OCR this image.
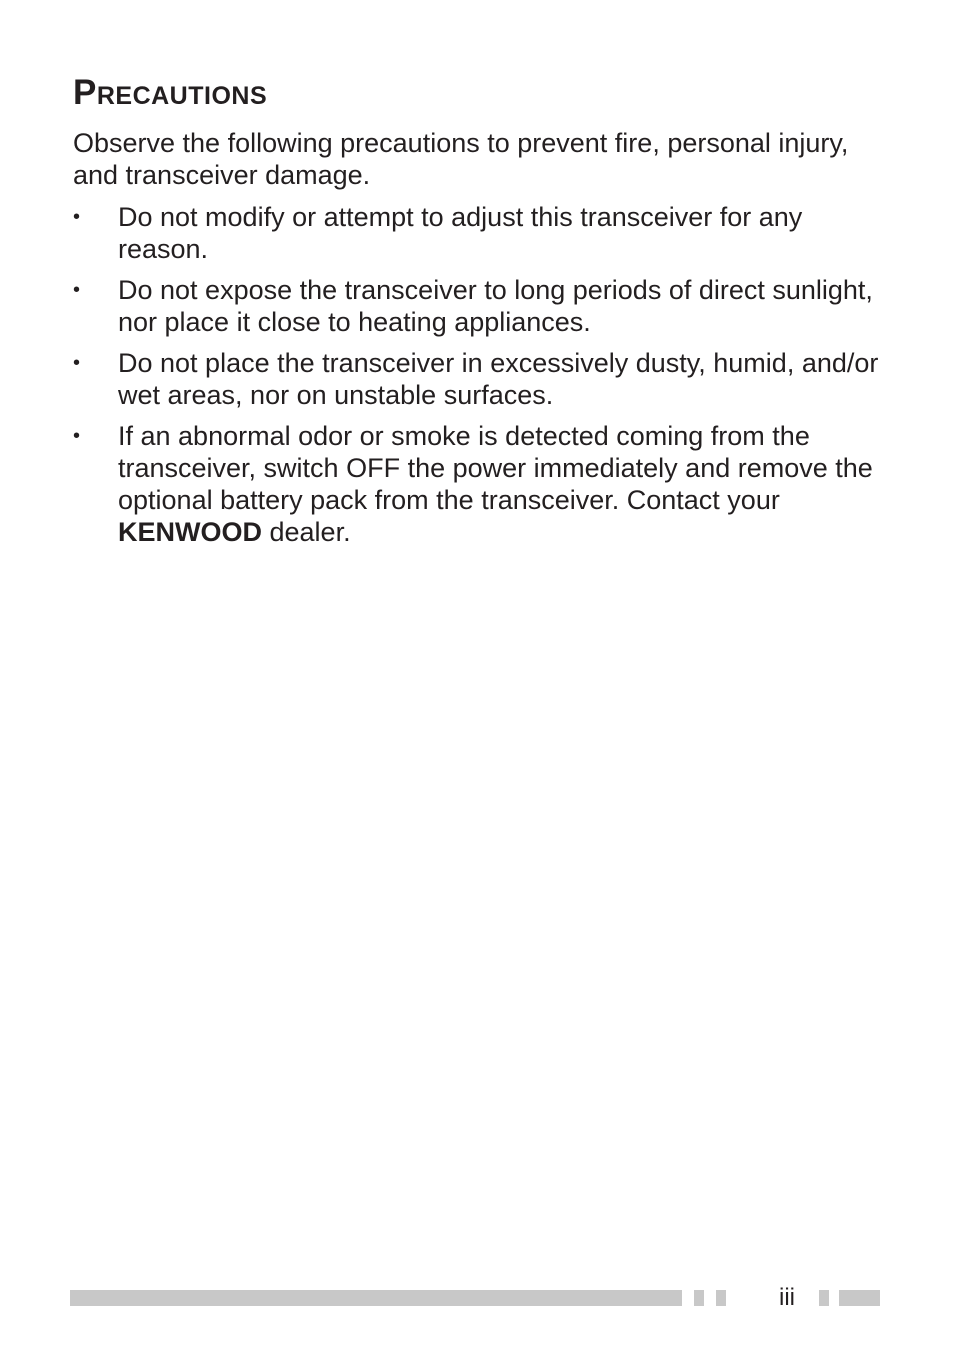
Precautions

Observe the following precautions to prevent fire, personal injury, and transceiver damage.

• Do not modify or attempt to adjust this transceiver for any reason.
• Do not expose the transceiver to long periods of direct sunlight, nor place it close to heating appliances.
• Do not place the transceiver in excessively dusty, humid, and/or wet areas, nor on unstable surfaces.
• If an abnormal odor or smoke is detected coming from the transceiver, switch OFF the power immediately and remove the optional battery pack from the transceiver. Contact your KENWOOD dealer.
iii
